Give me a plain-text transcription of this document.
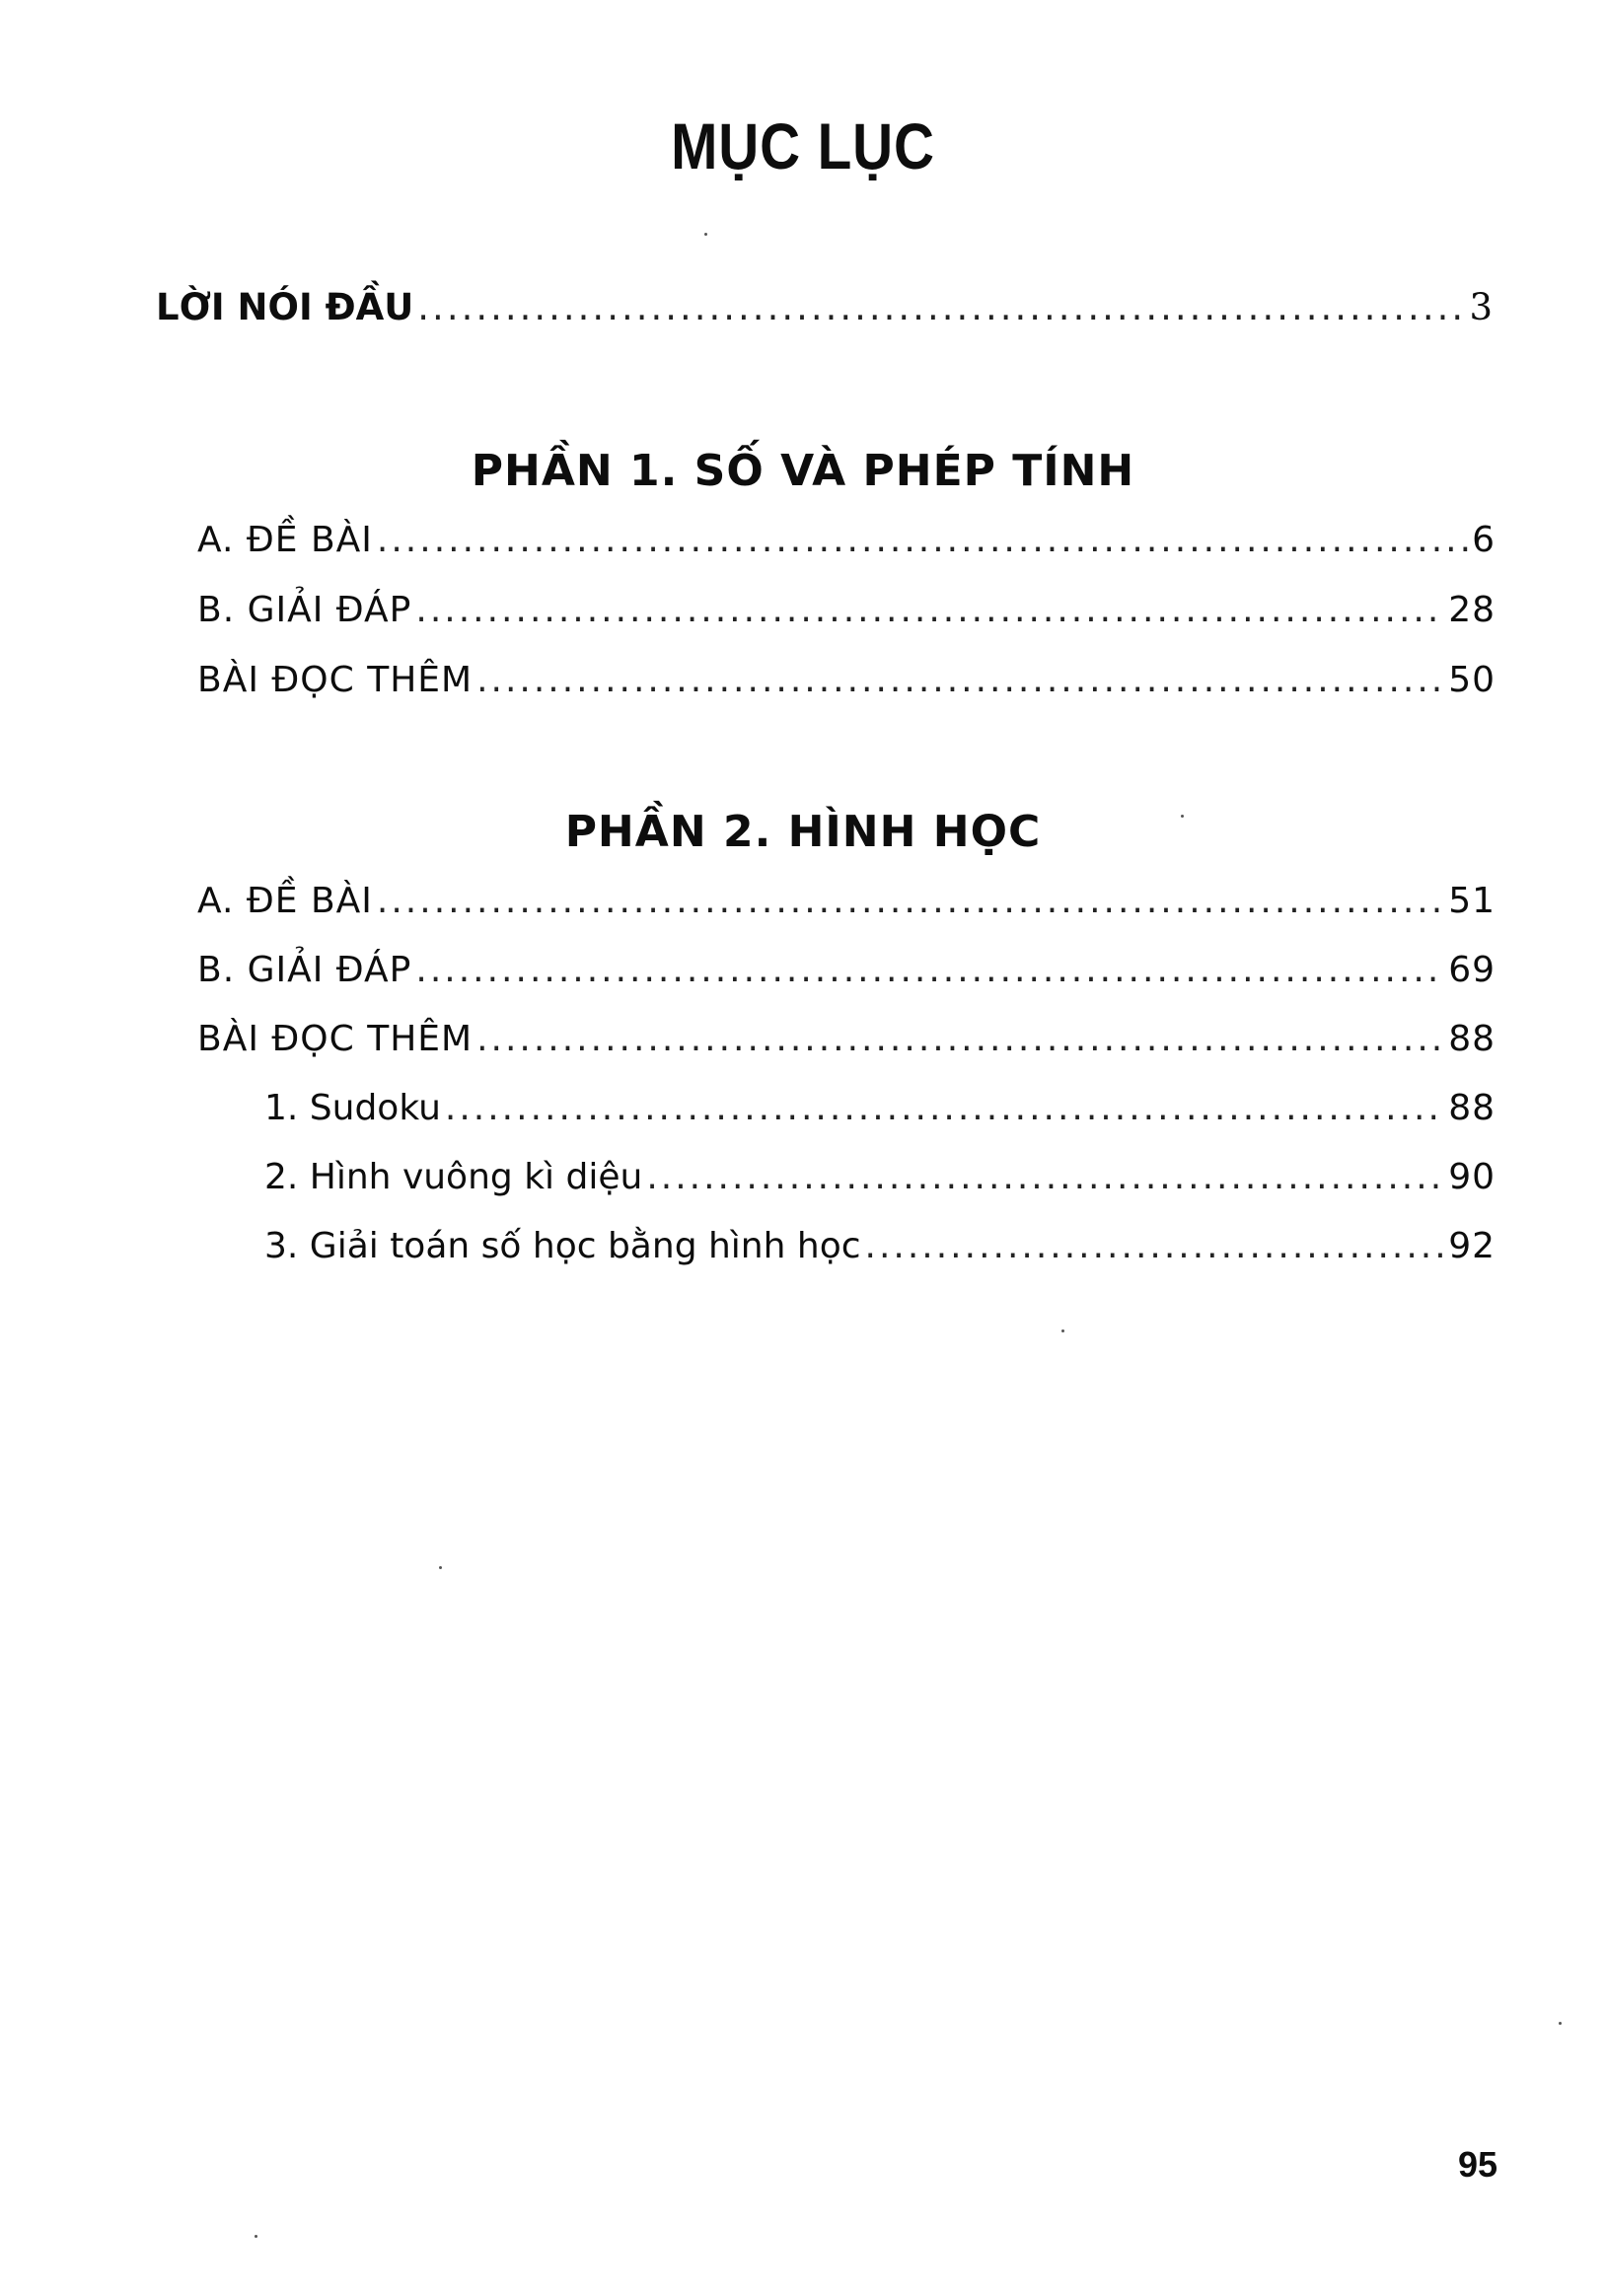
MỤC LỤC
LỜI NÓI ĐẦU .....	3
PHẦN 1. SỐ VÀ PHÉP TÍNH
A. ĐỀ BÀI .....	6
B. GIẢI ĐÁP .....	28
BÀI ĐỌC THÊM .....	50
PHẦN 2. HÌNH HỌC
A. ĐỀ BÀI .....	51
B. GIẢI ĐÁP .....	69
BÀI ĐỌC THÊM .....	88
1. Sudoku .....	88
2. Hình vuông kì diệu .....	90
3. Giải toán số học bằng hình học .....	92
95
